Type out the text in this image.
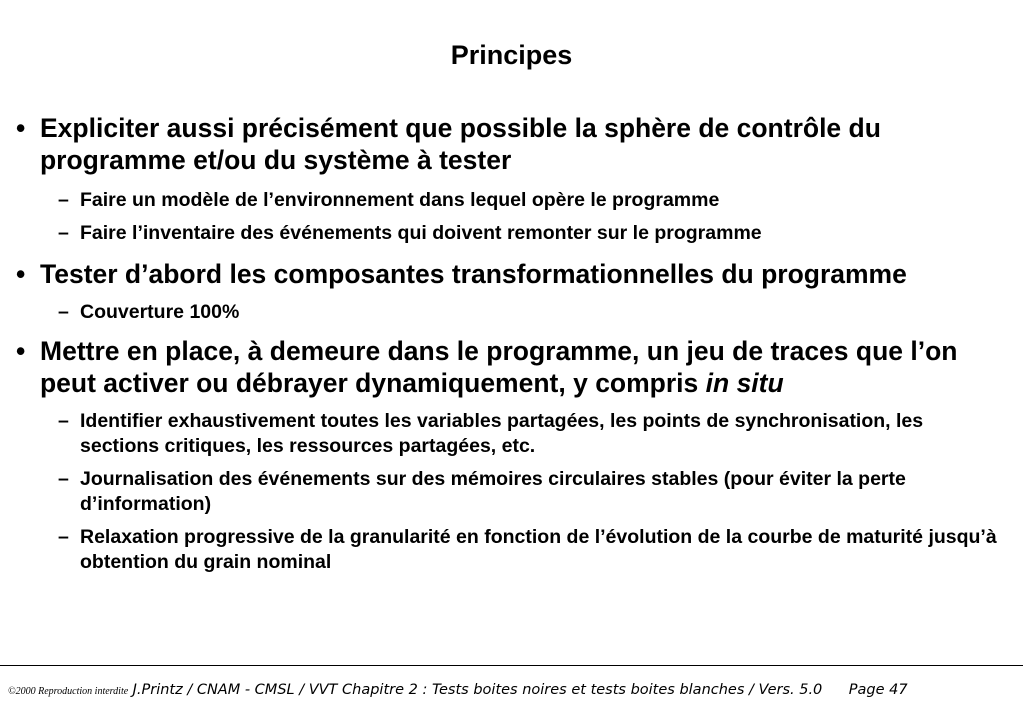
Principes
• Expliciter aussi précisément que possible la sphère de contrôle du programme et/ou du système à tester
– Faire un modèle de l’environnement dans lequel opère le programme
– Faire l’inventaire des événements qui doivent remonter sur le programme
• Tester d’abord les composantes transformationnelles du programme
– Couverture 100%
• Mettre en place, à demeure dans le programme, un jeu de traces que l’on peut activer ou débrayer dynamiquement, y compris in situ
– Identifier exhaustivement toutes les variables partagées, les points de synchronisation, les sections critiques, les ressources partagées, etc.
– Journalisation des événements sur des mémoires circulaires stables (pour éviter la perte d’information)
– Relaxation progressive de la granularité en fonction de l’évolution de la courbe de maturité jusqu’à obtention du grain nominal
©2000 Reproduction interdite J.Printz / CNAM - CMSL / VVT Chapitre 2 : Tests boites noires et tests boites blanches / Vers. 5.0 Page 47
